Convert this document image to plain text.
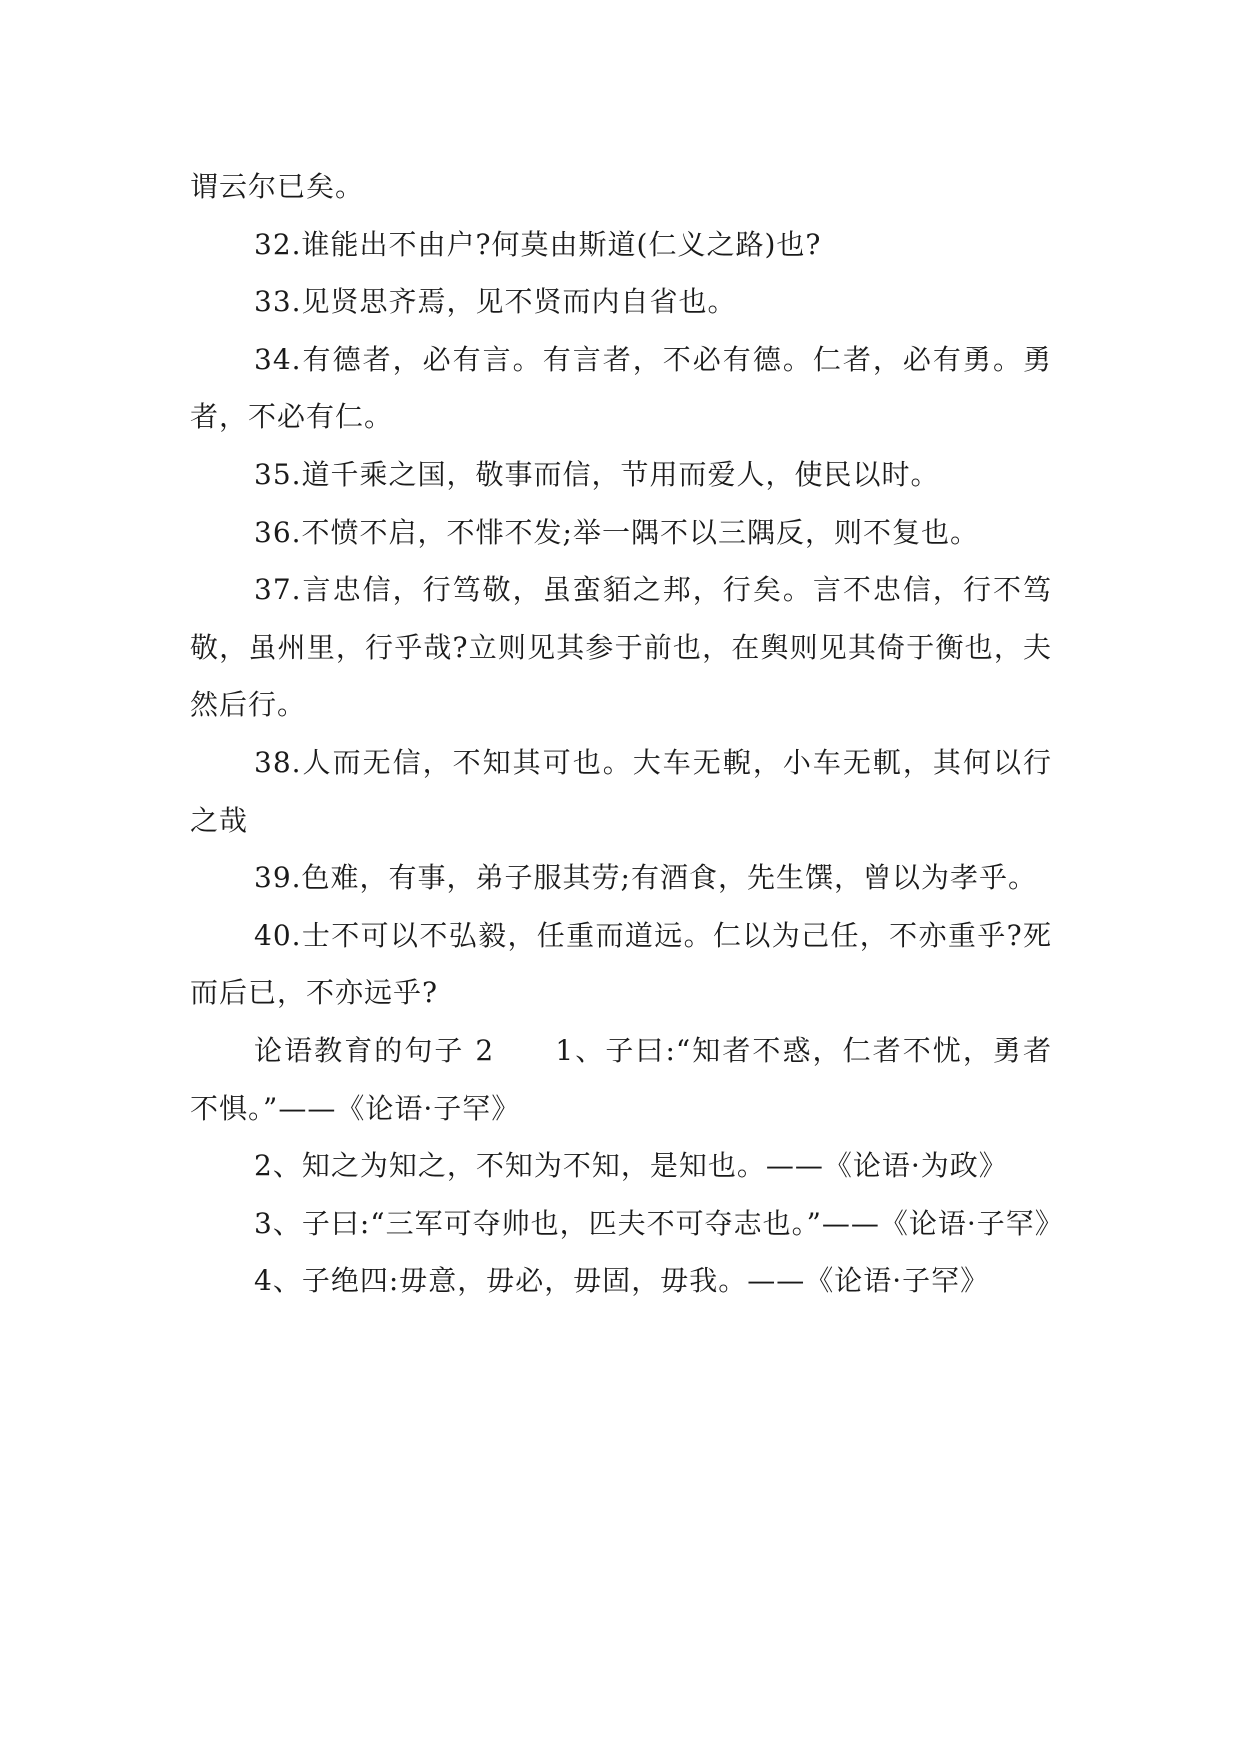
谓云尔已矣。

32.谁能出不由户?何莫由斯道(仁义之路)也?

33.见贤思齐焉，见不贤而内自省也。

34.有德者，必有言。有言者，不必有德。仁者，必有勇。勇者，不必有仁。

35.道千乘之国，敬事而信，节用而爱人，使民以时。

36.不愤不启，不悱不发;举一隅不以三隅反，则不复也。

37.言忠信，行笃敬，虽蛮貊之邦，行矣。言不忠信，行不笃敬，虽州里，行乎哉?立则见其参于前也，在舆则见其倚于衡也，夫然后行。

38.人而无信，不知其可也。大车无輗，小车无軏，其何以行之哉

39.色难，有事，弟子服其劳;有酒食，先生馔，曾以为孝乎。

40.士不可以不弘毅，任重而道远。仁以为己任，不亦重乎?死而后已，不亦远乎?

论语教育的句子 2　　1、子曰:“知者不惑，仁者不忧，勇者不惧。”——《论语·子罕》

2、知之为知之，不知为不知，是知也。——《论语·为政》

3、子曰:“三军可夺帅也，匹夫不可夺志也。”——《论语·子罕》

4、子绝四:毋意，毋必，毋固，毋我。——《论语·子罕》
